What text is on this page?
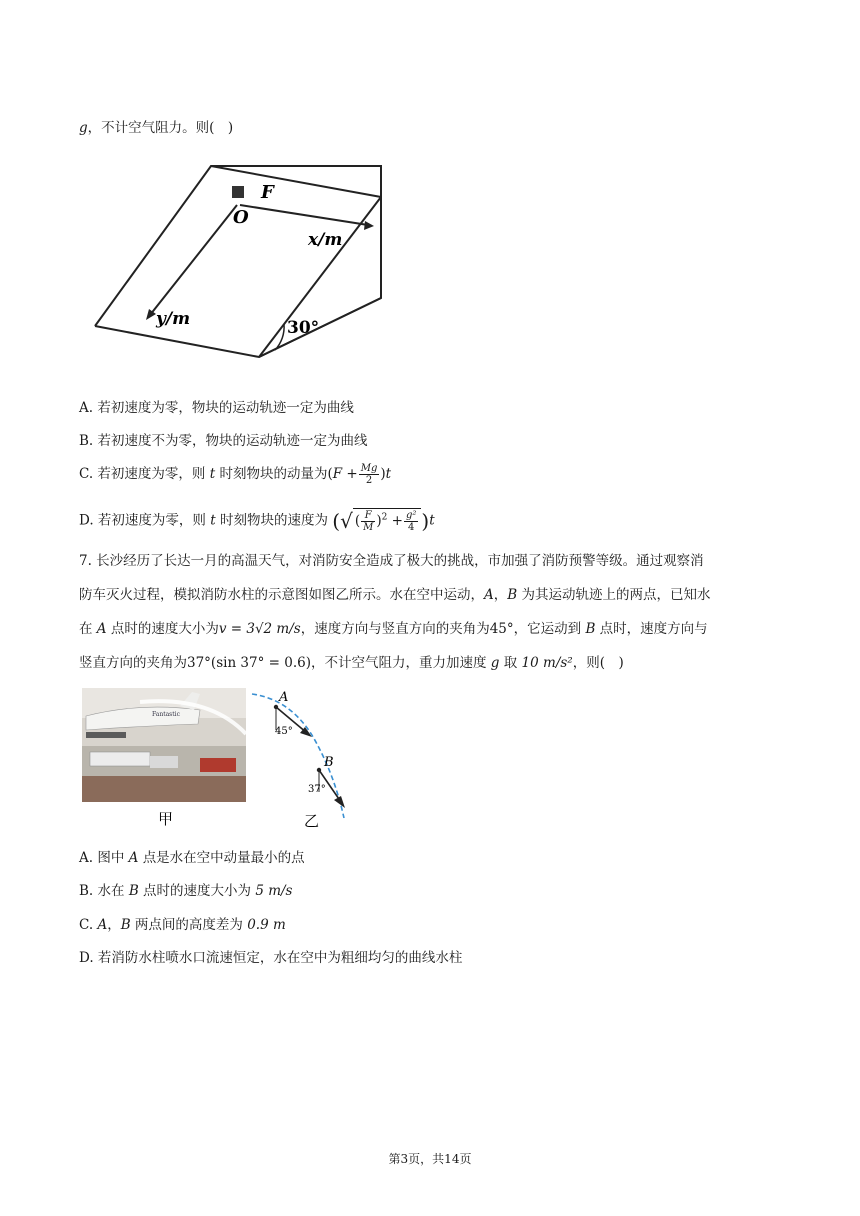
g，不计空气阻力。则(　)
F
O
x/m
y/m	30°
A. 若初速度为零，物块的运动轨迹一定为曲线
B. 若初速度不为零，物块的运动轨迹一定为曲线
C. 若初速度为零，则 t 时刻物块的动量为$(F + \frac{Mg}{2} )t$
D. 若初速度为零，则 t 时刻物块的速度为 (√ ( $\frac{F}{M} )^2 + \frac{\text{g²}}{4} )t$
7. 长沙经历了长达一月的高温天气，对消防安全造成了极大的挑战，市加强了消防预警等级。通过观察消
防车灭火过程，模拟消防水柱的示意图如图乙所示。水在空中运动，A，B 为其运动轨迹上的两点，已知水
在 A 点时的速度大小为v = 3√2 m/s，速度方向与竖直方向的夹角为45°，它运动到 B 点时，速度方向与
竖直方向的夹角为37°(sin 37° = 0.6)，不计空气阻力，重力加速度 g 取 10 m/s²，则(　)
Fantastic
A
45°
B
37°
甲	乙
A. 图中 A 点是水在空中动量最小的点
B. 水在 B 点时的速度大小为 5 m/s
C. A，B 两点间的高度差为 0.9 m
D. 若消防水柱喷水口流速恒定，水在空中为粗细均匀的曲线水柱
第3页，共14页
